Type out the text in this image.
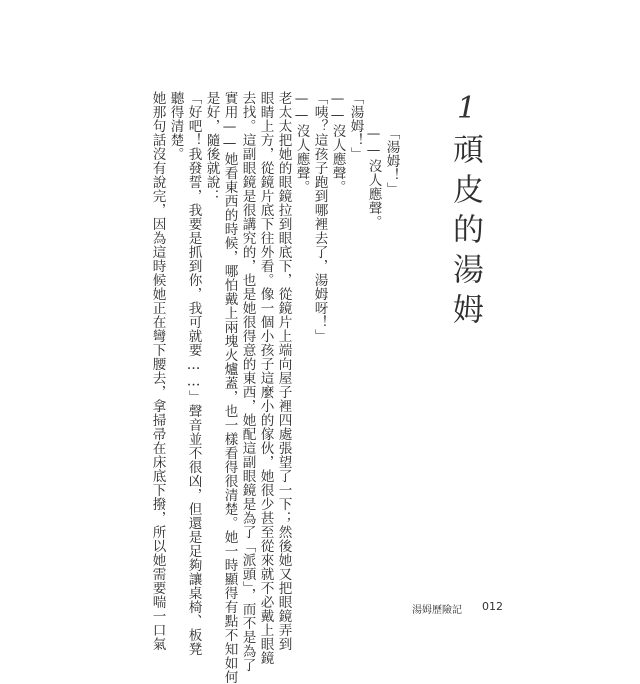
1
頑皮的湯姆
「湯姆！」
——沒人應聲。
「湯姆！」
——沒人應聲。
「咦？這孩子跑到哪裡去了，湯姆呀！」
——沒人應聲。
老太太把她的眼鏡拉到眼底下，從鏡片上端向屋子裡四處張望了一下；然後她又把眼鏡弄到
眼睛上方，從鏡片底下往外看。像一個小孩子這麼小的傢伙，她很少甚至從來就不必戴上眼鏡
去找。這副眼鏡是很講究的，也是她很得意的東西，她配這副眼鏡是為了「派頭」，而不是為了
實用——她看東西的時候，哪怕戴上兩塊火爐蓋，也一樣看得很清楚。她一時顯得有點不知如何
是好，隨後就說：
「好吧！我發誓，我要是抓到你，我可就要……」聲音並不很凶，但還是足夠讓桌椅、板凳
聽得清楚。
她那句話沒有說完，因為這時候她正在彎下腰去，拿掃帚在床底下撥，所以她需要喘一口氣	湯姆歷險記 012
